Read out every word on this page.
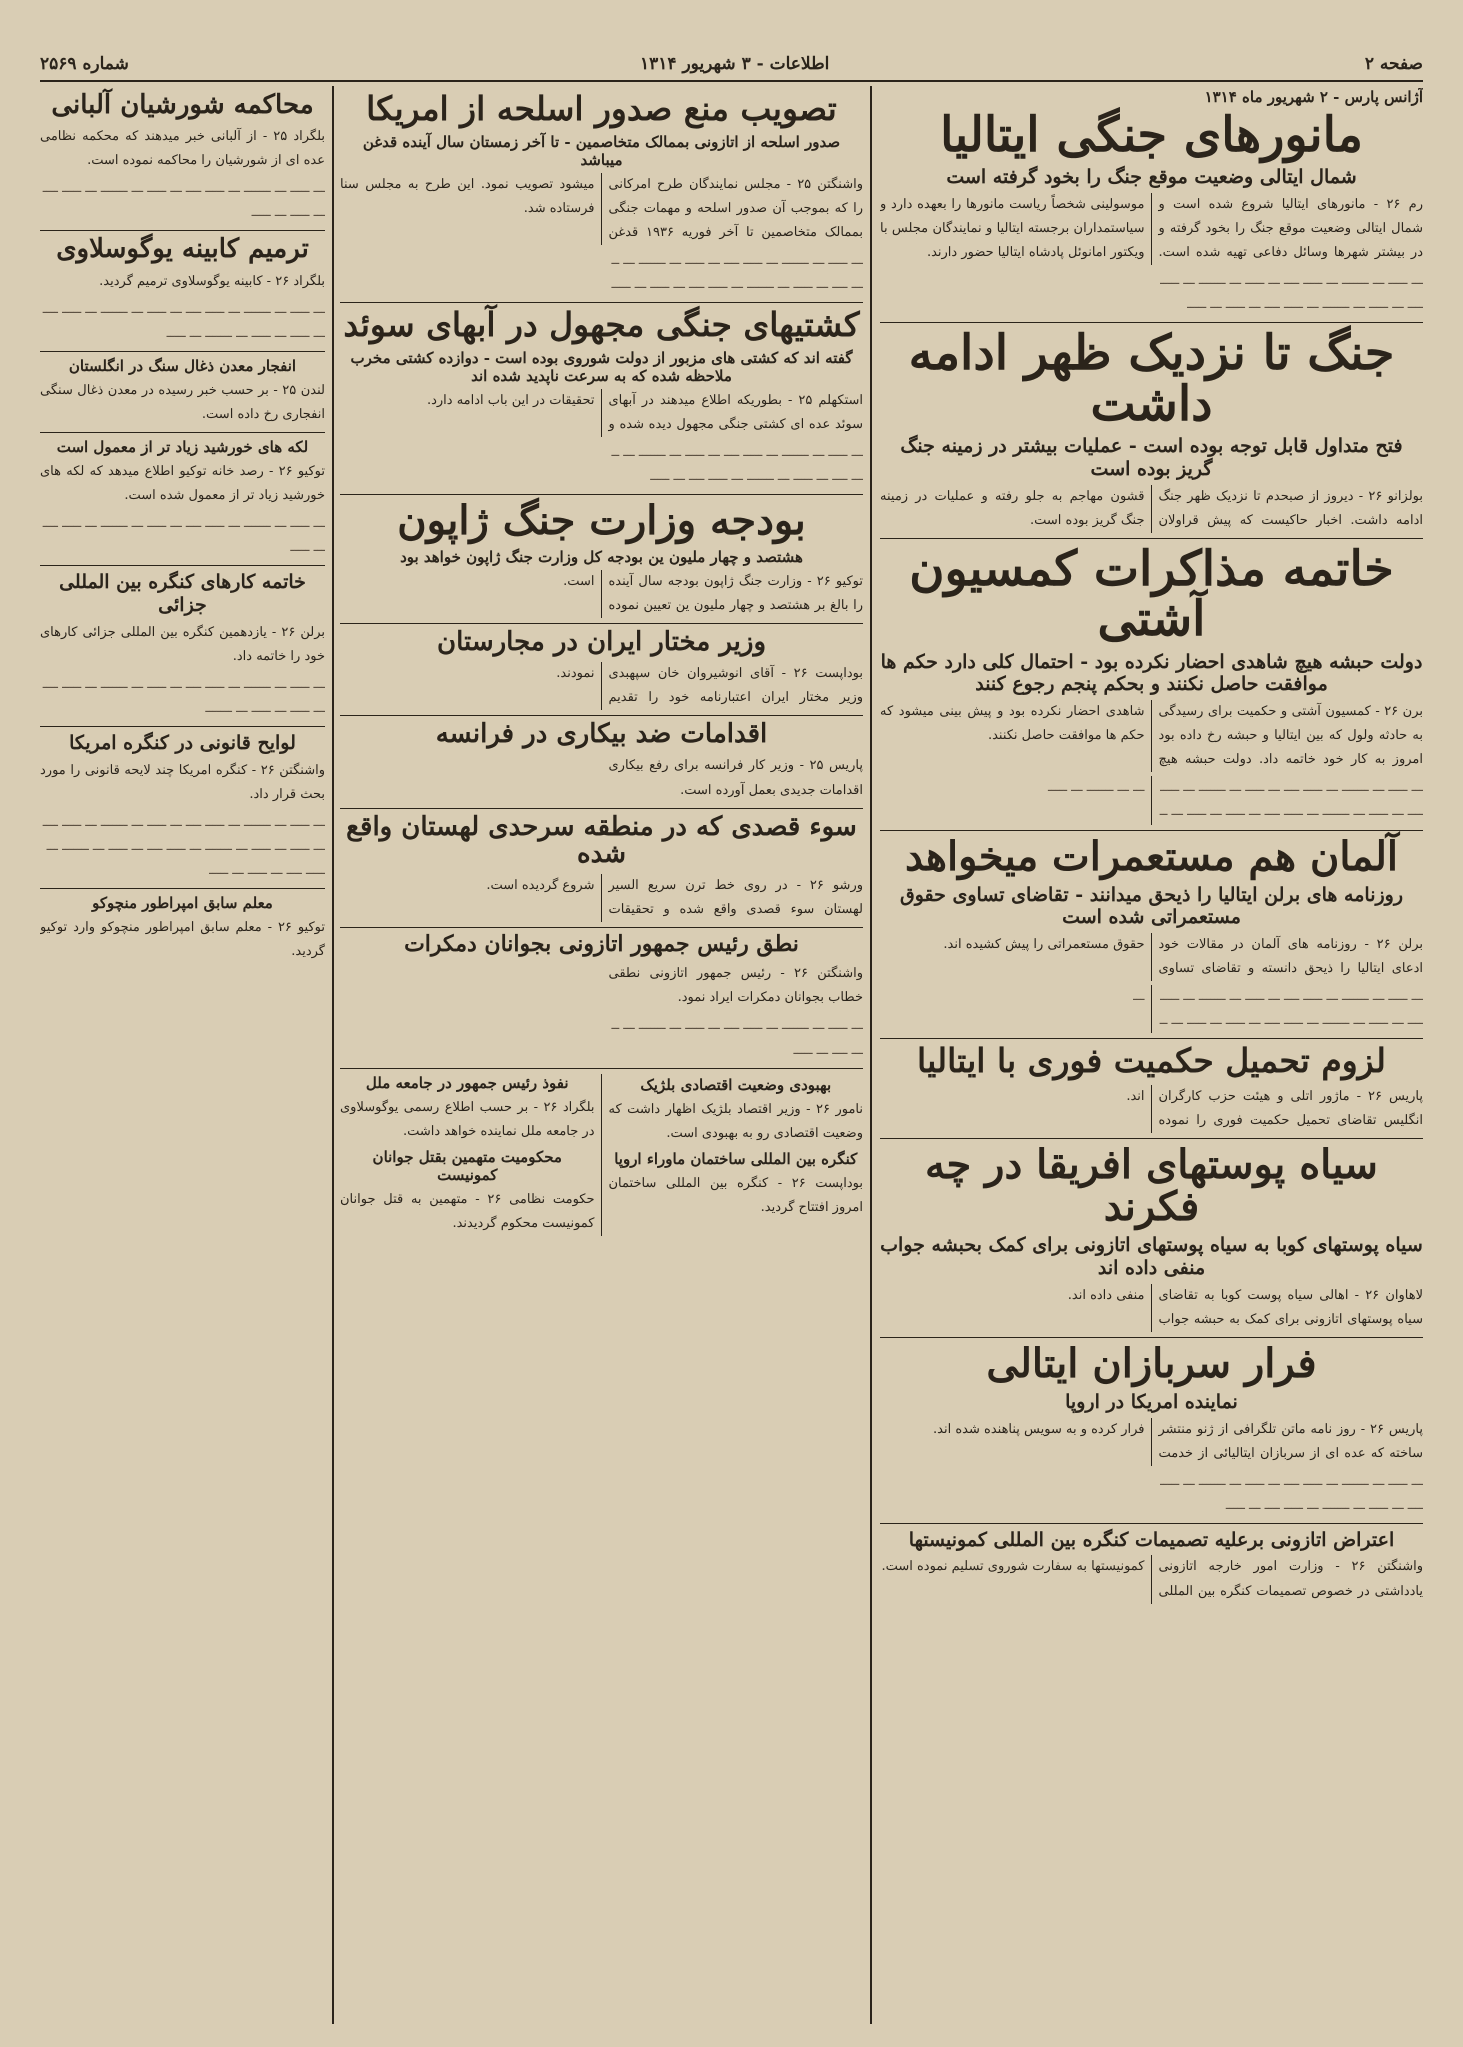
صفحه ۲
اطلاعات - ۳ شهریور ۱۳۱۴
شماره ۲۵۶۹
آژانس پارس - ۲ شهریور ماه ۱۳۱۴
مانورهای جنگی ایتالیا
شمال ایتالی وضعیت موقع جنگ را بخود گرفته است

رم ۲۶ - مانورهای ایتالیا شروع شده است و شمال ایتالی وضعیت موقع جنگ را بخود گرفته و در بیشتر شهرها وسائل دفاعی تهیه شده است. موسولینی شخصاً ریاست مانورها را بعهده دارد و سیاستمداران برجسته ایتالیا و نمایندگان مجلس با ویکتور امانوئل پادشاه ایتالیا حضور دارند.

ـــ ـــــ ـــ ـــــــ ـــ ـــــ ــــ ـــ ـــــ ـــ ـــــــ ـــ ـــــ ــــ ـــ ـــــ ـــ ـــــــ ـــ ـــــ ــــ ـــ ـــــ ـــ ـــــ

جنگ تا نزدیک ظهر ادامه داشت
فتح متداول قابل توجه بوده است - عملیات بیشتر در زمینه جنگ گریز بوده است

بولزانو ۲۶ - دیروز از صبحدم تا نزدیک ظهر جنگ ادامه داشت. اخبار حاکیست که پیش قراولان قشون مهاجم به جلو رفته و عملیات در زمینه جنگ گریز بوده است.

خاتمه مذاکرات کمسیون آشتی
دولت حبشه هیچ شاهدی احضار نکرده بود - احتمال کلی دارد حکم ها موافقت حاصل نکنند و بحکم پنجم رجوع کنند

برن ۲۶ - کمسیون آشتی و حکمیت برای رسیدگی به حادثه ولول که بین ایتالیا و حبشه رخ داده بود امروز به کار خود خاتمه داد. دولت حبشه هیچ شاهدی احضار نکرده بود و پیش بینی میشود که حکم ها موافقت حاصل نکنند.

ـــ ـــــ ـــ ـــــــ ـــ ـــــ ــــ ـــ ـــــ ـــ ـــــــ ـــ ـــــ ــــ ـــ ـــــ ـــ ـــــــ ـــ ـــــ ــــ ـــ ـــــ ـــ ـــــ ـــ ـــــ ـــ ـــــــ ـــ ـــــ

آلمان هم مستعمرات میخواهد
روزنامه های برلن ایتالیا را ذیحق میدانند - تقاضای تساوی حقوق مستعمراتی شده است

برلن ۲۶ - روزنامه های آلمان در مقالات خود ادعای ایتالیا را ذیحق دانسته و تقاضای تساوی حقوق مستعمراتی را پیش کشیده اند.

ـــ ـــــ ـــ ـــــــ ـــ ـــــ ــــ ـــ ـــــ ـــ ـــــــ ـــ ـــــ ــــ ـــ ـــــ ـــ ـــــــ ـــ ـــــ ــــ ـــ ـــــ ـــ ـــــ ـــ ـــــ

لزوم تحمیل حکمیت فوری با ایتالیا

پاریس ۲۶ - ماژور اتلی و هیئت حزب کارگران انگلیس تقاضای تحمیل حکمیت فوری را نموده اند.

سیاه پوستهای افریقا در چه فکرند
سیاه پوستهای کوبا به سیاه پوستهای اتازونی برای کمک بحبشه جواب منفی داده اند

لاهاوان ۲۶ - اهالی سیاه پوست کوبا به تقاضای سیاه پوستهای اتازونی برای کمک به حبشه جواب منفی داده اند.

فرار سربازان ایتالی
نماینده امریکا در اروپا

پاریس ۲۶ - روز نامه ماتن تلگرافی از ژنو منتشر ساخته که عده ای از سربازان ایتالیائی از خدمت فرار کرده و به سویس پناهنده شده اند.

ـــ ـــــ ـــ ـــــــ ـــ ـــــ ــــ ـــ ـــــ ـــ ـــــــ ـــ ـــــ ــــ ـــ ـــــ ـــ ـــــــ ـــ ـــــ ــــ ـــ ـــــ

اعتراض اتازونی برعلیه تصمیمات کنگره بین المللی کمونیستها

واشنگتن ۲۶ - وزارت امور خارجه اتازونی یادداشتی در خصوص تصمیمات کنگره بین المللی کمونیستها به سفارت شوروی تسلیم نموده است.

تصویب منع صدور اسلحه از امریکا
صدور اسلحه از اتازونی بممالک متخاصمین - تا آخر زمستان سال آینده قدغن میباشد

واشنگتن ۲۵ - مجلس نمایندگان طرح امرکانی را که بموجب آن صدور اسلحه و مهمات جنگی بممالک متخاصمین تا آخر فوریه ۱۹۳۶ قدغن میشود تصویب نمود. این طرح به مجلس سنا فرستاده شد.

ـــ ـــــ ـــ ـــــــ ـــ ـــــ ــــ ـــ ـــــ ـــ ـــــــ ـــ ـــــ ــــ ـــ ـــــ ـــ ـــــــ ـــ ـــــ ــــ ـــ ـــــ ـــ ـــــ

کشتیهای جنگی مجهول در آبهای سوئد
گفته اند که کشتی های مزبور از دولت شوروی بوده است - دوازده کشتی مخرب ملاحظه شده که به سرعت ناپدید شده اند

استکهلم ۲۵ - بطوریکه اطلاع میدهند در آبهای سوئد عده ای کشتی جنگی مجهول دیده شده و تحقیقات در این باب ادامه دارد.

ـــ ـــــ ـــ ـــــــ ـــ ـــــ ــــ ـــ ـــــ ـــ ـــــــ ـــ ـــــ ــــ ـــ ـــــ ـــ ـــــــ ـــ ـــــ ــــ ـــ ـــــ

بودجه وزارت جنگ ژاپون
هشتصد و چهار ملیون ین بودجه کل وزارت جنگ ژاپون خواهد بود

توکیو ۲۶ - وزارت جنگ ژاپون بودجه سال آینده را بالغ بر هشتصد و چهار ملیون ین تعیین نموده است.

وزیر مختار ایران در مجارستان

بوداپست ۲۶ - آقای انوشیروان خان سپهبدی وزیر مختار ایران اعتبارنامه خود را تقدیم نمودند.

اقدامات ضد بیکاری در فرانسه

پاریس ۲۵ - وزیر کار فرانسه برای رفع بیکاری اقدامات جدیدی بعمل آورده است.

سوء قصدی که در منطقه سرحدی لهستان واقع شده

ورشو ۲۶ - در روی خط ترن سریع السیر لهستان سوء قصدی واقع شده و تحقیقات شروع گردیده است.

نطق رئیس جمهور اتازونی بجوانان دمکرات

واشنگتن ۲۶ - رئیس جمهور اتازونی نطقی خطاب بجوانان دمکرات ایراد نمود.

ـــ ـــــ ـــ ـــــــ ـــ ـــــ ــــ ـــ ـــــ ـــ ـــــــ ـــ ـــــ ــــ ـــ ـــــ

بهبودی وضعیت اقتصادی بلژیک

نامور ۲۶ - وزیر اقتصاد بلژیک اظهار داشت که وضعیت اقتصادی رو به بهبودی است.

کنگره بین المللی ساختمان ماوراء اروپا

بوداپست ۲۶ - کنگره بین المللی ساختمان امروز افتتاح گردید.

نفوذ رئیس جمهور در جامعه ملل

بلگراد ۲۶ - بر حسب اطلاع رسمی یوگوسلاوی در جامعه ملل نماینده خواهد داشت.

محکومیت متهمین بقتل جوانان کمونیست

حکومت نظامی ۲۶ - متهمین به قتل جوانان کمونیست محکوم گردیدند.

محاکمه شورشیان آلبانی

بلگراد ۲۵ - از آلبانی خبر میدهند که محکمه نظامی عده ای از شورشیان را محاکمه نموده است.

ـــ ـــــ ـــ ـــــــ ـــ ـــــ ــــ ـــ ـــــ ـــ ـــــــ ـــ ـــــ ــــ ـــ ـــــ ـــ ـــــ

ترمیم کابینه یوگوسلاوی

بلگراد ۲۶ - کابینه یوگوسلاوی ترمیم گردید.

ـــ ـــــ ـــ ـــــــ ـــ ـــــ ــــ ـــ ـــــ ـــ ـــــــ ـــ ـــــ ــــ ـــ ـــــ ـــ ـــــ ـــ ـــــــ ـــ ـــــ

انفجار معدن ذغال سنگ در انگلستان

لندن ۲۵ - بر حسب خبر رسیده در معدن ذغال سنگی انفجاری رخ داده است.

لکه های خورشید زیاد تر از معمول است

توکیو ۲۶ - رصد خانه توکیو اطلاع میدهد که لکه های خورشید زیاد تر از معمول شده است.

ـــ ـــــ ـــ ـــــــ ـــ ـــــ ــــ ـــ ـــــ ـــ ـــــــ ـــ ـــــ ــــ ـــ ـــــ

خاتمه کارهای کنگره بین المللی جزائی

برلن ۲۶ - یازدهمین کنگره بین المللی جزائی کارهای خود را خاتمه داد.

ـــ ـــــ ـــ ـــــــ ـــ ـــــ ــــ ـــ ـــــ ـــ ـــــــ ـــ ـــــ ــــ ـــ ـــــ ـــ ـــــ ـــ ـــــــ

لوایح قانونی در کنگره امریکا

واشنگتن ۲۶ - کنگره امریکا چند لایحه قانونی را مورد بحث قرار داد.

ـــ ـــــ ـــ ـــــــ ـــ ـــــ ــــ ـــ ـــــ ـــ ـــــــ ـــ ـــــ ــــ ـــ ـــــ ـــ ـــــ ـــ ـــــــ ـــ ـــــ ــــ ـــ ـــــ ـــ ـــــــ ـــ ـــــ ــــ ـــ ـــــ ـــ ـــــ

معلم سابق امپراطور منچوکو

توکیو ۲۶ - معلم سابق امپراطور منچوکو وارد توکیو گردید.
